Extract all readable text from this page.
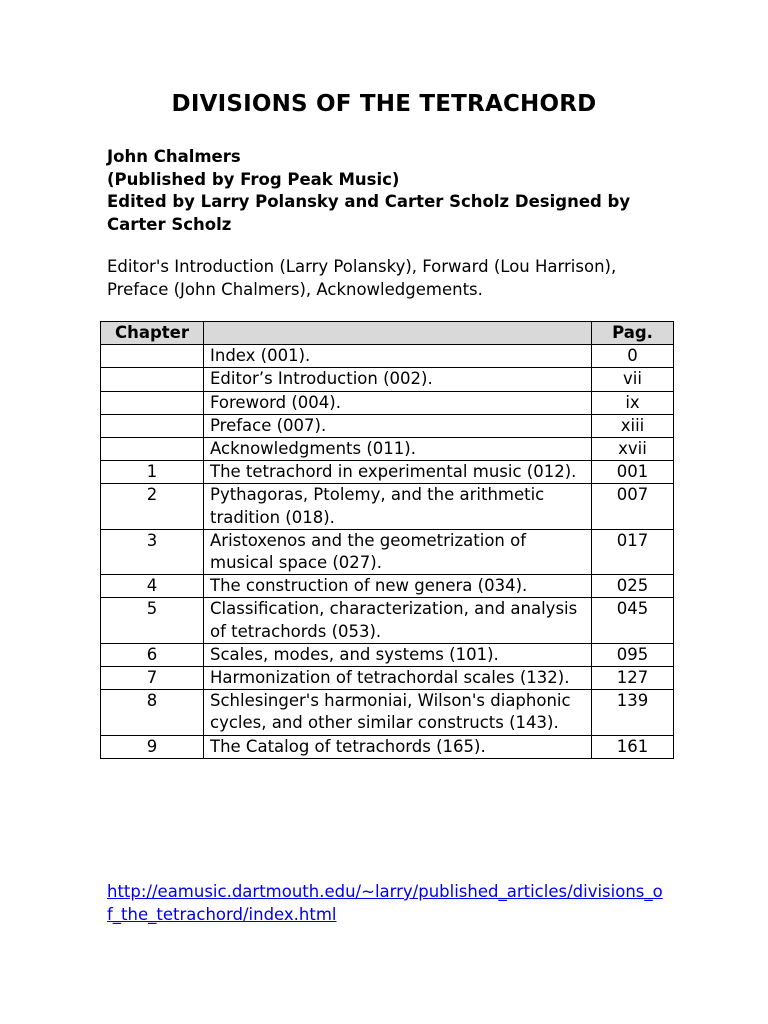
DIVISIONS OF THE TETRACHORD
John Chalmers
(Published by Frog Peak Music)
Edited by Larry Polansky and Carter Scholz Designed by Carter Scholz
Editor's Introduction (Larry Polansky), Forward (Lou Harrison), Preface (John Chalmers), Acknowledgements.
Chapter		Pag.
	Index (001).	0
	Editor’s Introduction (002).	vii
	Foreword (004).	ix
	Preface (007).	xiii
	Acknowledgments (011).	xvii
1	The tetrachord in experimental music (012).	001
2	Pythagoras, Ptolemy, and the arithmetic tradition (018).	007
3	Aristoxenos and the geometrization of musical space (027).	017
4	The construction of new genera (034).	025
5	Classification, characterization, and analysis of tetrachords (053).	045
6	Scales, modes, and systems (101).	095
7	Harmonization of tetrachordal scales (132).	127
8	Schlesinger's harmoniai, Wilson's diaphonic cycles, and other similar constructs (143).	139
9	The Catalog of tetrachords (165).	161
http://eamusic.dartmouth.edu/~larry/published_articles/divisions_of_the_tetrachord/index.html
